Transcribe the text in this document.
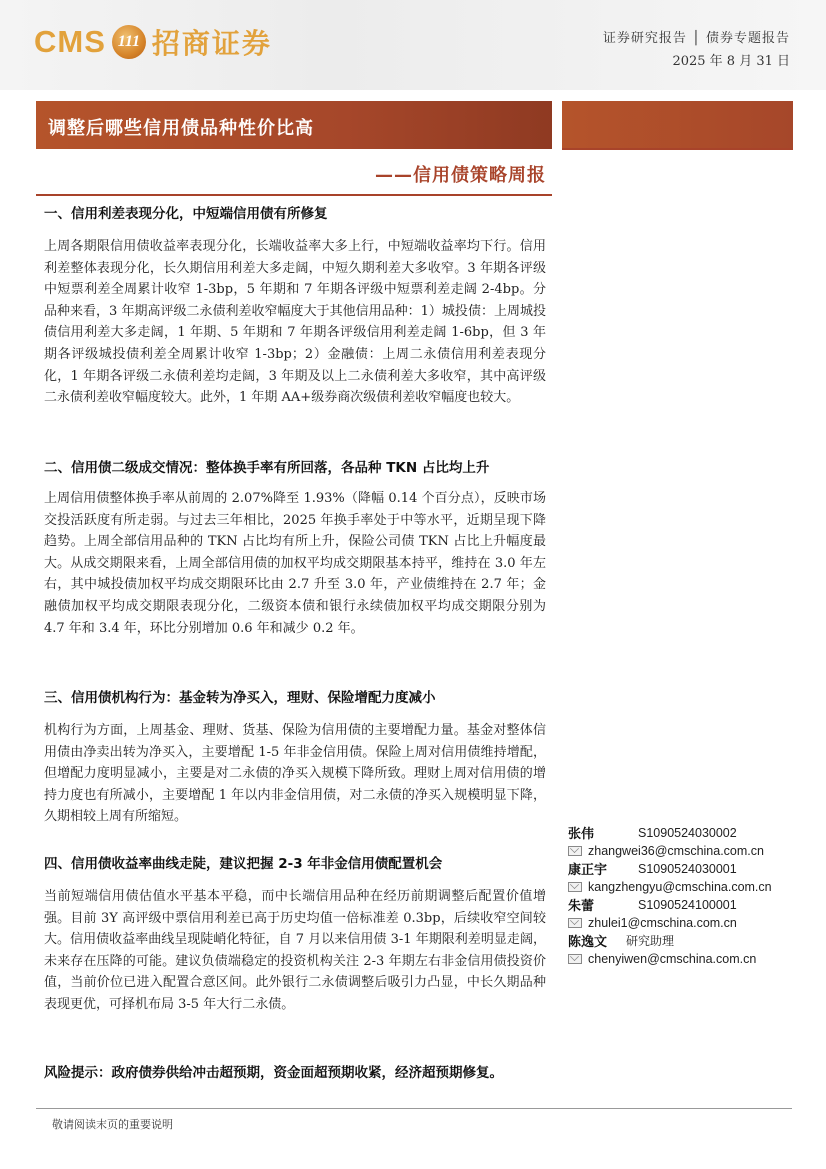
CMS 111 招商证券	证券研究报告 │ 债券专题报告
2025 年 8 月 31 日
调整后哪些信用债品种性价比高
——信用债策略周报
一、信用利差表现分化，中短端信用债有所修复
上周各期限信用债收益率表现分化，长端收益率大多上行，中短端收益率均下行。信用利差整体表现分化，长久期信用利差大多走阔，中短久期利差大多收窄。3 年期各评级中短票利差全周累计收窄 1-3bp，5 年期和 7 年期各评级中短票利差走阔 2-4bp。分品种来看，3 年期高评级二永债利差收窄幅度大于其他信用品种：1）城投债：上周城投债信用利差大多走阔，1 年期、5 年期和 7 年期各评级信用利差走阔 1-6bp，但 3 年期各评级城投债利差全周累计收窄 1-3bp；2）金融债：上周二永债信用利差表现分化，1 年期各评级二永债利差均走阔，3 年期及以上二永债利差大多收窄，其中高评级二永债利差收窄幅度较大。此外，1 年期 AA+级券商次级债利差收窄幅度也较大。
二、信用债二级成交情况：整体换手率有所回落，各品种 TKN 占比均上升
上周信用债整体换手率从前周的 2.07%降至 1.93%（降幅 0.14 个百分点），反映市场交投活跃度有所走弱。与过去三年相比，2025 年换手率处于中等水平，近期呈现下降趋势。上周全部信用品种的 TKN 占比均有所上升，保险公司债 TKN 占比上升幅度最大。从成交期限来看，上周全部信用债的加权平均成交期限基本持平，维持在 3.0 年左右，其中城投债加权平均成交期限环比由 2.7 升至 3.0 年，产业债维持在 2.7 年；金融债加权平均成交期限表现分化，二级资本债和银行永续债加权平均成交期限分别为 4.7 年和 3.4 年，环比分别增加 0.6 年和减少 0.2 年。
三、信用债机构行为：基金转为净买入，理财、保险增配力度减小
机构行为方面，上周基金、理财、货基、保险为信用债的主要增配力量。基金对整体信用债由净卖出转为净买入，主要增配 1-5 年非金信用债。保险上周对信用债维持增配，但增配力度明显减小，主要是对二永债的净买入规模下降所致。理财上周对信用债的增持力度也有所减小，主要增配 1 年以内非金信用债，对二永债的净买入规模明显下降，久期相较上周有所缩短。
四、信用债收益率曲线走陡，建议把握 2-3 年非金信用债配置机会
当前短端信用债估值水平基本平稳，而中长端信用品种在经历前期调整后配置价值增强。目前 3Y 高评级中票信用利差已高于历史均值一倍标准差 0.3bp，后续收窄空间较大。信用债收益率曲线呈现陡峭化特征，自 7 月以来信用债 3-1 年期限利差明显走阔，未来存在压降的可能。建议负债端稳定的投资机构关注 2-3 年期左右非金信用债投资价值，当前价位已进入配置合意区间。此外银行二永债调整后吸引力凸显，中长久期品种表现更优，可择机布局 3-5 年大行二永债。
风险提示：政府债券供给冲击超预期，资金面超预期收紧，经济超预期修复。
张伟	S1090524030002
zhangwei36@cmschina.com.cn
康正宇	S1090524030001
kangzhengyu@cmschina.com.cn
朱蕾	S1090524100001
zhulei1@cmschina.com.cn
陈逸文	研究助理
chenyiwen@cmschina.com.cn
敬请阅读末页的重要说明
